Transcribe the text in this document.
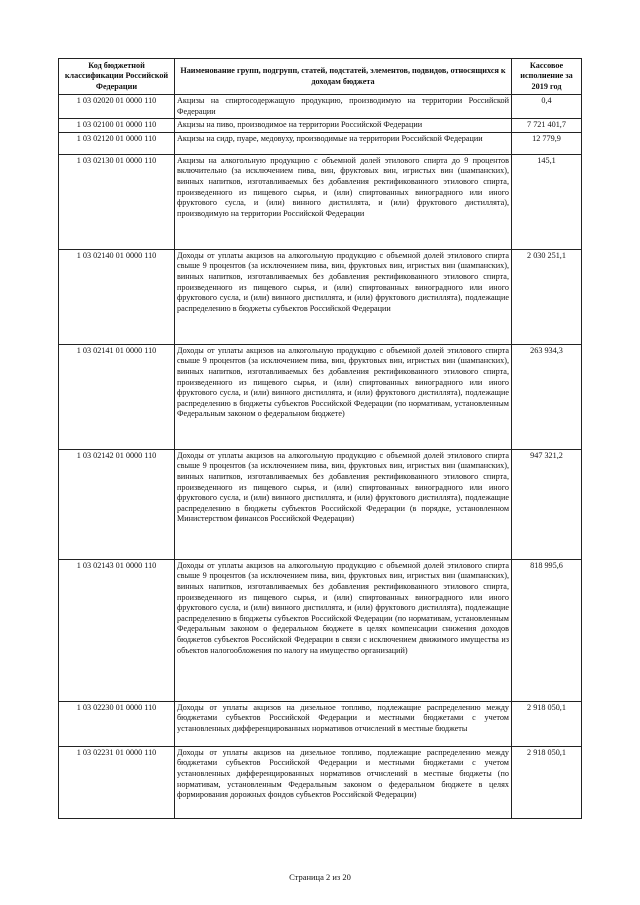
Код бюджетной классификации Российской Федерации	Наименование групп, подгрупп, статей, подстатей, элементов, подвидов, относящихся к доходам бюджета	Кассовое исполнение за 2019 год
1 03 02020 01 0000 110	Акцизы на спиртосодержащую продукцию, производимую на территории Российской Федерации	0,4
1 03 02100 01 0000 110	Акцизы на пиво, производимое на территории Российской Федерации	7 721 401,7
1 03 02120 01 0000 110	Акцизы на сидр, пуаре, медовуху, производимые на территории Российской Федерации	12 779,9
1 03 02130 01 0000 110	Акцизы на алкогольную продукцию с объемной долей этилового спирта до 9 процентов включительно (за исключением пива, вин, фруктовых вин, игристых вин (шампанских), винных напитков, изготавливаемых без добавления ректификованного этилового спирта, произведенного из пищевого сырья, и (или) спиртованных виноградного или иного фруктового сусла, и (или) винного дистиллята, и (или) фруктового дистиллята), производимую на территории Российской Федерации	145,1
1 03 02140 01 0000 110	Доходы от уплаты акцизов на алкогольную продукцию с объемной долей этилового спирта свыше 9 процентов (за исключением пива, вин, фруктовых вин, игристых вин (шампанских), винных напитков, изготавливаемых без добавления ректификованного этилового спирта, произведенного из пищевого сырья, и (или) спиртованных виноградного или иного фруктового сусла, и (или) винного дистиллята, и (или) фруктового дистиллята), подлежащие распределению в бюджеты субъектов Российской Федерации	2 030 251,1
1 03 02141 01 0000 110	Доходы от уплаты акцизов на алкогольную продукцию с объемной долей этилового спирта свыше 9 процентов (за исключением пива, вин, фруктовых вин, игристых вин (шампанских), винных напитков, изготавливаемых без добавления ректификованного этилового спирта, произведенного из пищевого сырья, и (или) спиртованных виноградного или иного фруктового сусла, и (или) винного дистиллята, и (или) фруктового дистиллята), подлежащие распределению в бюджеты субъектов Российской Федерации (по нормативам, установленным Федеральным законом о федеральном бюджете)	263 934,3
1 03 02142 01 0000 110	Доходы от уплаты акцизов на алкогольную продукцию с объемной долей этилового спирта свыше 9 процентов (за исключением пива, вин, фруктовых вин, игристых вин (шампанских), винных напитков, изготавливаемых без добавления ректификованного этилового спирта, произведенного из пищевого сырья, и (или) спиртованных виноградного или иного фруктового сусла, и (или) винного дистиллята, и (или) фруктового дистиллята), подлежащие распределению в бюджеты субъектов Российской Федерации (в порядке, установленном Министерством финансов Российской Федерации)	947 321,2
1 03 02143 01 0000 110	Доходы от уплаты акцизов на алкогольную продукцию с объемной долей этилового спирта свыше 9 процентов (за исключением пива, вин, фруктовых вин, игристых вин (шампанских), винных напитков, изготавливаемых без добавления ректификованного этилового спирта, произведенного из пищевого сырья, и (или) спиртованных виноградного или иного фруктового сусла, и (или) винного дистиллята, и (или) фруктового дистиллята), подлежащие распределению в бюджеты субъектов Российской Федерации (по нормативам, установленным Федеральным законом о федеральном бюджете в целях компенсации снижения доходов бюджетов субъектов Российской Федерации в связи с исключением движимого имущества из объектов налогообложения по налогу на имущество организаций)	818 995,6
1 03 02230 01 0000 110	Доходы от уплаты акцизов на дизельное топливо, подлежащие распределению между бюджетами субъектов Российской Федерации и местными бюджетами с учетом установленных дифференцированных нормативов отчислений в местные бюджеты	2 918 050,1
1 03 02231 01 0000 110	Доходы от уплаты акцизов на дизельное топливо, подлежащие распределению между бюджетами субъектов Российской Федерации и местными бюджетами с учетом установленных дифференцированных нормативов отчислений в местные бюджеты (по нормативам, установленным Федеральным законом о федеральном бюджете в целях формирования дорожных фондов субъектов Российской Федерации)	2 918 050,1
Страница 2 из 20
